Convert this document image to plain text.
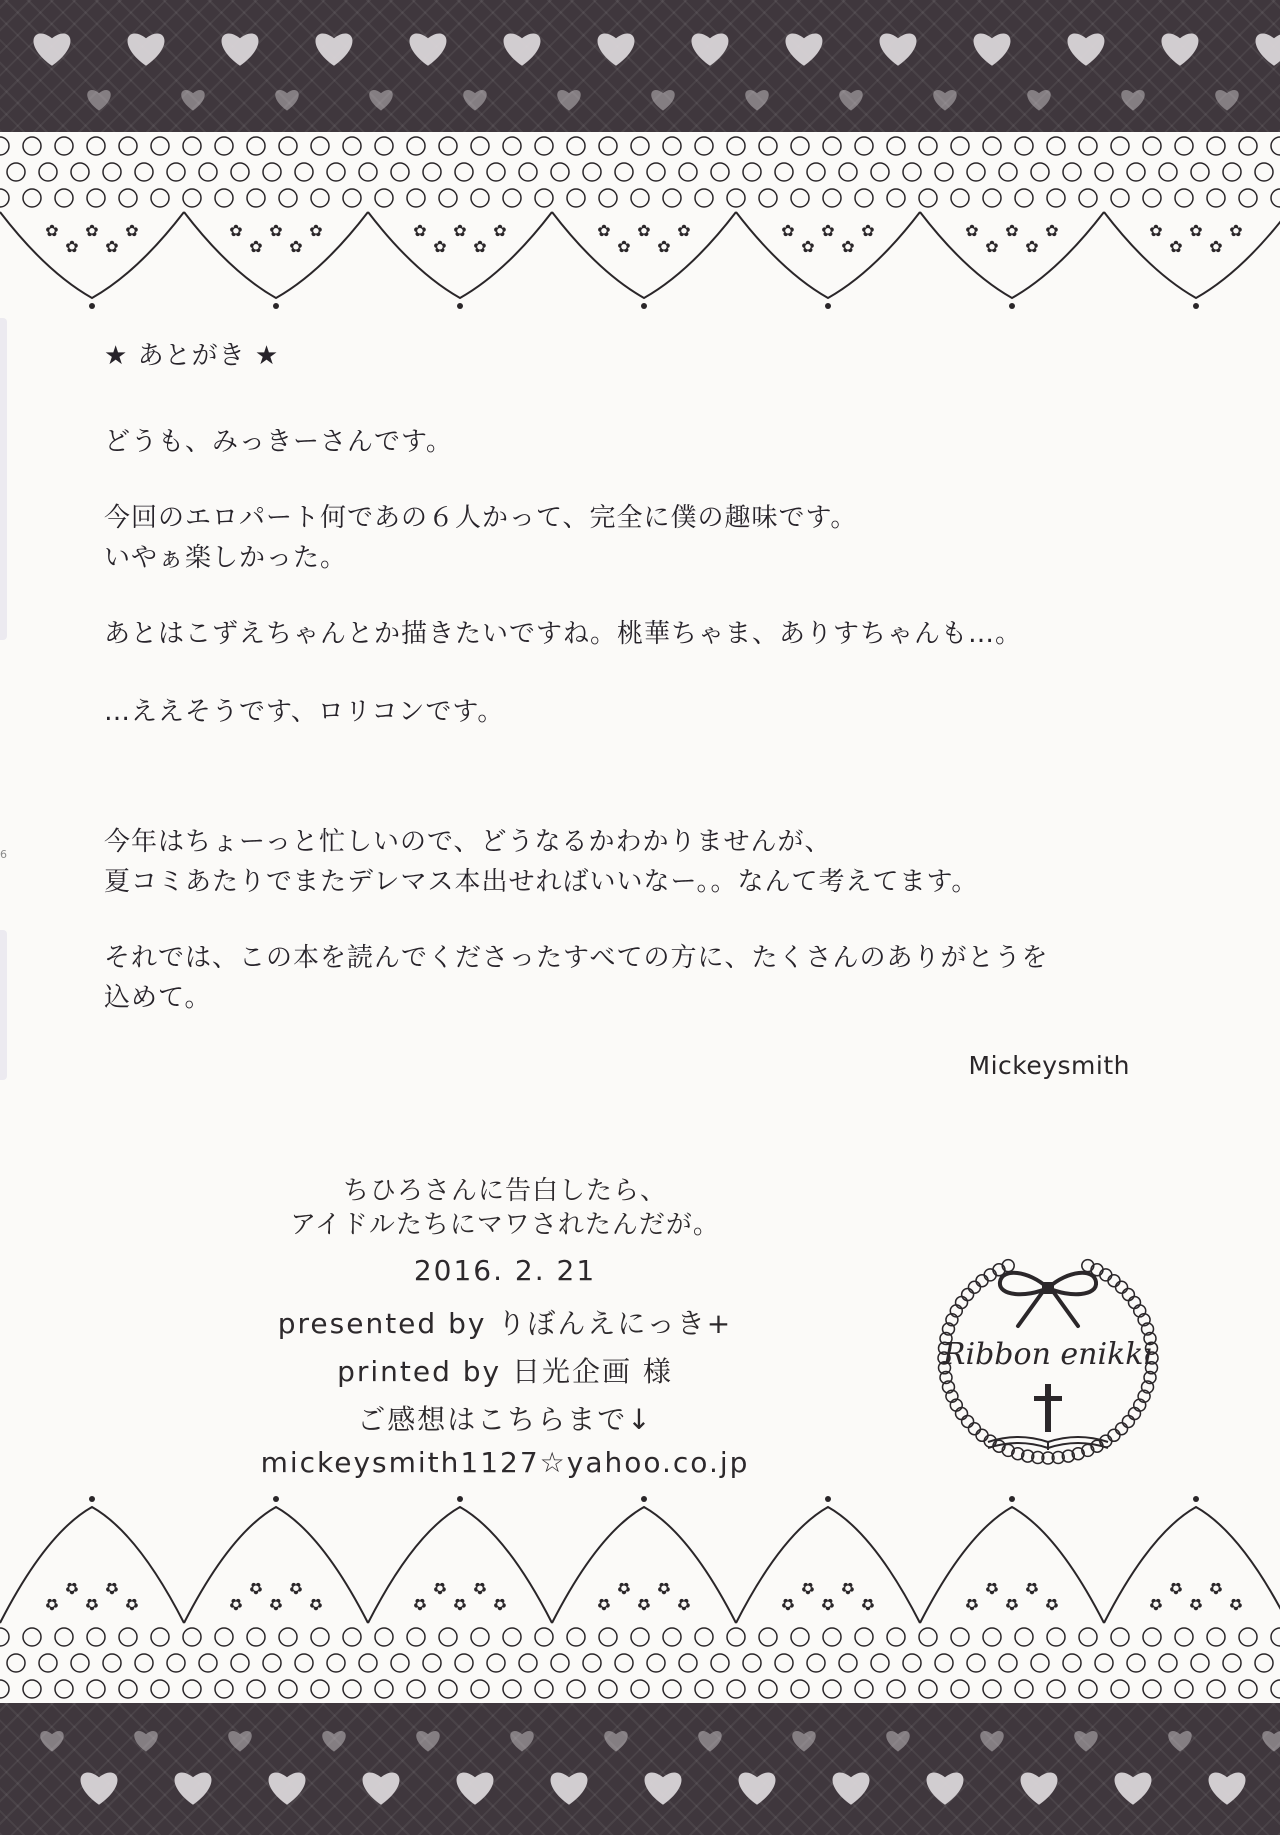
✿
✿
✿
✿
✿	✿
✿
✿
✿
✿	✿
✿
✿
✿
✿	✿
✿
✿
✿
✿	✿
✿
✿
✿
✿	✿
✿
✿
✿
✿	✿
✿
✿
✿
✿
6

★ あとがき ★

どうも、みっきーさんです。

今回のエロパート何であの６人かって、完全に僕の趣味です。

いやぁ楽しかった。

あとはこずえちゃんとか描きたいですね。桃華ちゃま、ありすちゃんも…。

…ええそうです、ロリコンです。

今年はちょーっと忙しいので、どうなるかわかりませんが、

夏コミあたりでまたデレマス本出せればいいなー。。なんて考えてます。

それでは、この本を読んでくださったすべての方に、たくさんのありがとうを

込めて。

Mickeysmith
ちひろさんに告白したら、
アイドルたちにマワされたんだが。
2016. 2. 21
presented by りぼんえにっき+
printed by 日光企画 様
ご感想はこちらまで↓
mickeysmith1127☆yahoo.co.jp
Ribbon enikki
✿
✿
✿
✿
✿	✿
✿
✿
✿
✿	✿
✿
✿
✿
✿	✿
✿
✿
✿
✿	✿
✿
✿
✿
✿	✿
✿
✿
✿
✿	✿
✿
✿
✿
✿
